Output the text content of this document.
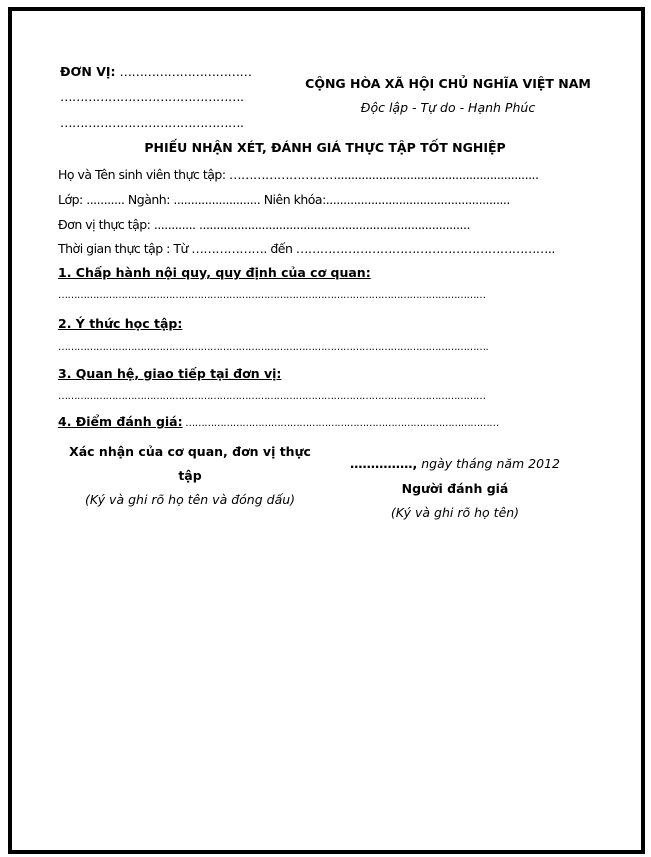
ĐƠN VỊ: ……………………………
……………………………………….
……………………………………….
CỘNG HÒA XÃ HỘI CHỦ NGHĨA VIỆT NAM
Độc lập - Tự do - Hạnh Phúc
PHIẾU NHẬN XÉT, ĐÁNH GIÁ THỰC TẬP TỐT NGHIỆP
Họ và Tên sinh viên thực tập: ………………………..........................................................
Lớp: ........... Ngành: ......................... Niên khóa:.....................................................
Đơn vị thực tập: ............ ..............................................................................
Thời gian thực tập : Từ ………………. đến ………………………………………………………..
1. Chấp hành nội quy, quy định của cơ quan:
………………………………………………………………………………………………………………………
2. Ý thức học tập:
……………………………………………………………………………………………………………………….
3. Quan hệ, giao tiếp tại đơn vị:
………………………………………………………………………………………………………………………
4. Điểm đánh giá: ………………………………………………………………………………………
Xác nhận của cơ quan, đơn vị thực
tập
(Ký và ghi rõ họ tên và đóng dấu)
……………, ngày tháng năm 2012
Người đánh giá
(Ký và ghi rõ họ tên)
